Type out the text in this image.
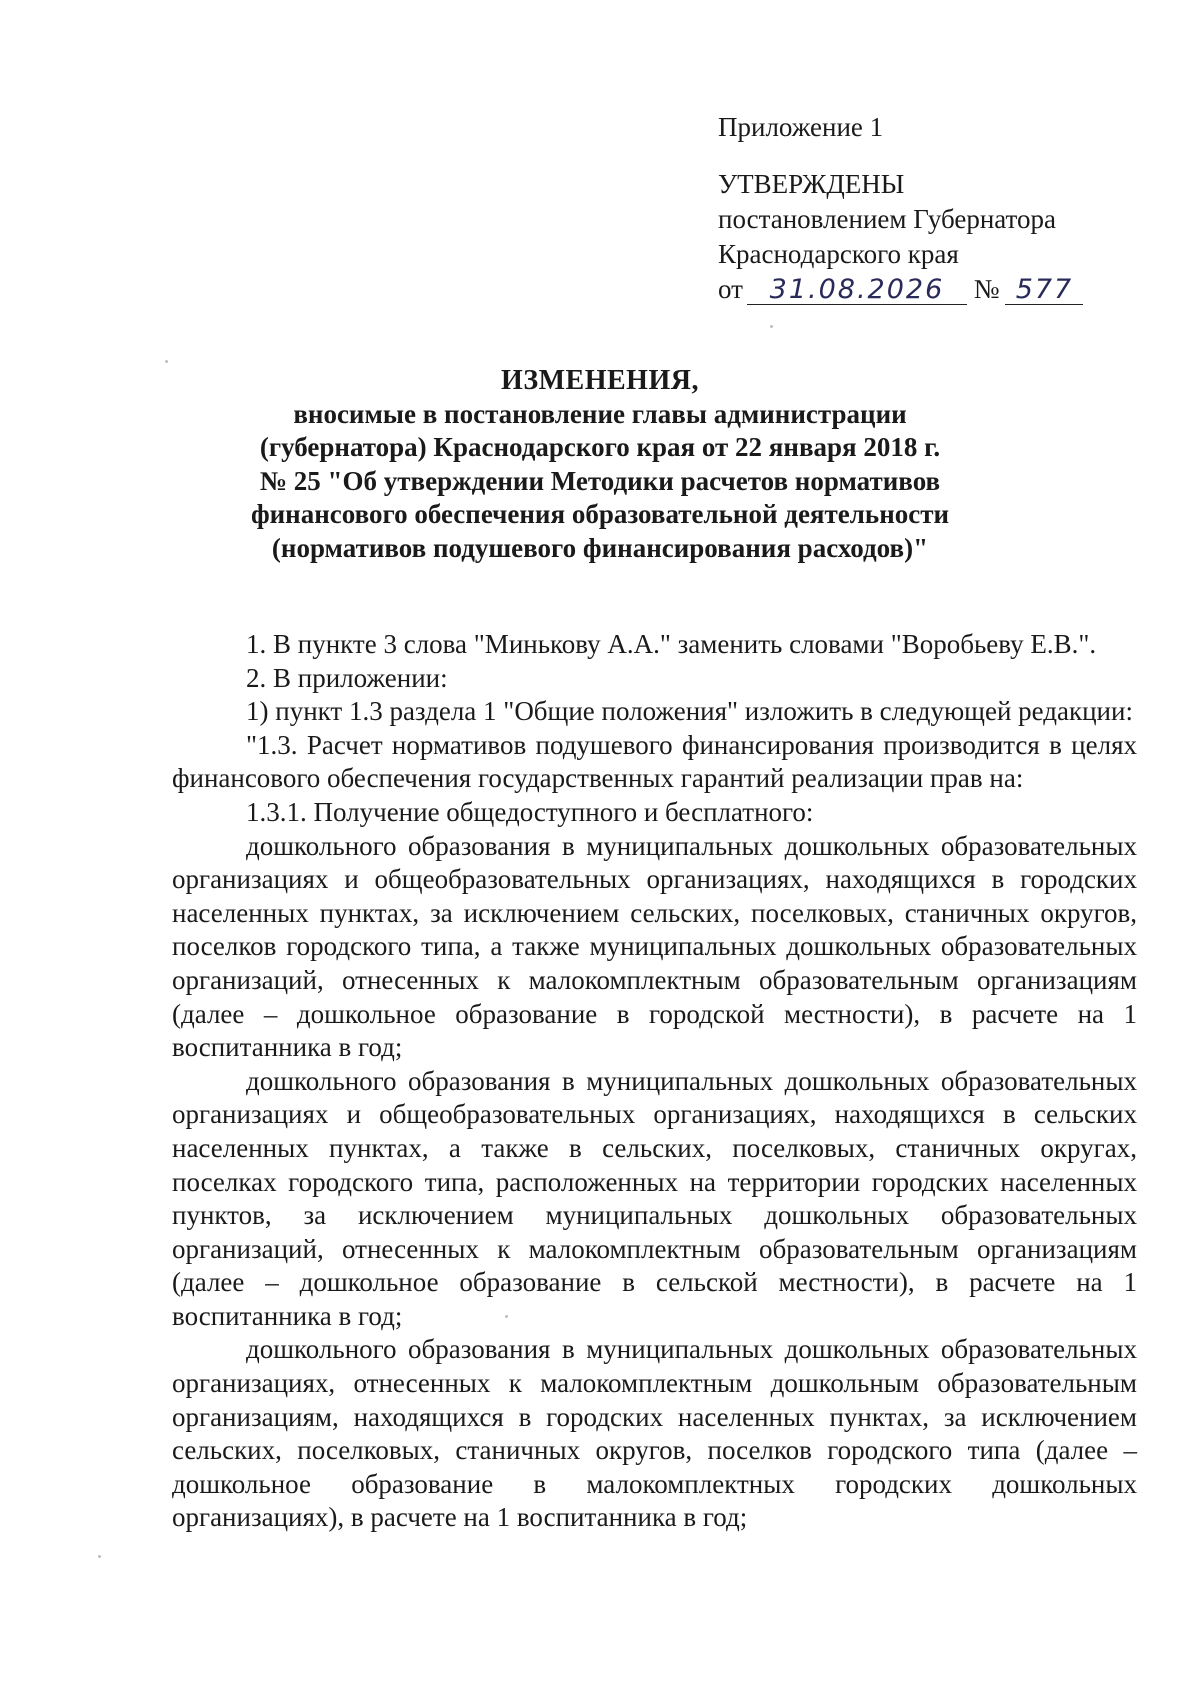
Приложение 1
УТВЕРЖДЕНЫ
постановлением Губернатора
Краснодарского края
от 31.08.2026 № 577
ИЗМЕНЕНИЯ,
вносимые в постановление главы администрации
(губернатора) Краснодарского края от 22 января 2018 г.
№ 25 "Об утверждении Методики расчетов нормативов
финансового обеспечения образовательной деятельности
(нормативов подушевого финансирования расходов)"

1. В пункте 3 слова "Минькову А.А." заменить словами "Воробьеву Е.В.".

2. В приложении:

1) пункт 1.3 раздела 1 "Общие положения" изложить в следующей редакции:

"1.3. Расчет нормативов подушевого финансирования производится в целях финансового обеспечения государственных гарантий реализации прав на:

1.3.1. Получение общедоступного и бесплатного:

дошкольного образования в муниципальных дошкольных образовательных организациях и общеобразовательных организациях, находящихся в городских населенных пунктах, за исключением сельских, поселковых, станичных округов, поселков городского типа, а также муниципальных дошкольных образовательных организаций, отнесенных к малокомплектным образовательным организациям (далее – дошкольное образование в городской местности), в расчете на 1 воспитанника в год;

дошкольного образования в муниципальных дошкольных образовательных организациях и общеобразовательных организациях, находящихся в сельских населенных пунктах, а также в сельских, поселковых, станичных округах, поселках городского типа, расположенных на территории городских населенных пунктов, за исключением муниципальных дошкольных образовательных организаций, отнесенных к малокомплектным образовательным организациям (далее – дошкольное образование в сельской местности), в расчете на 1 воспитанника в год;

дошкольного образования в муниципальных дошкольных образовательных организациях, отнесенных к малокомплектным дошкольным образовательным организациям, находящихся в городских населенных пунктах, за исключением сельских, поселковых, станичных округов, поселков городского типа (далее – дошкольное образование в малокомплектных городских дошкольных организациях), в расчете на 1 воспитанника в год;
